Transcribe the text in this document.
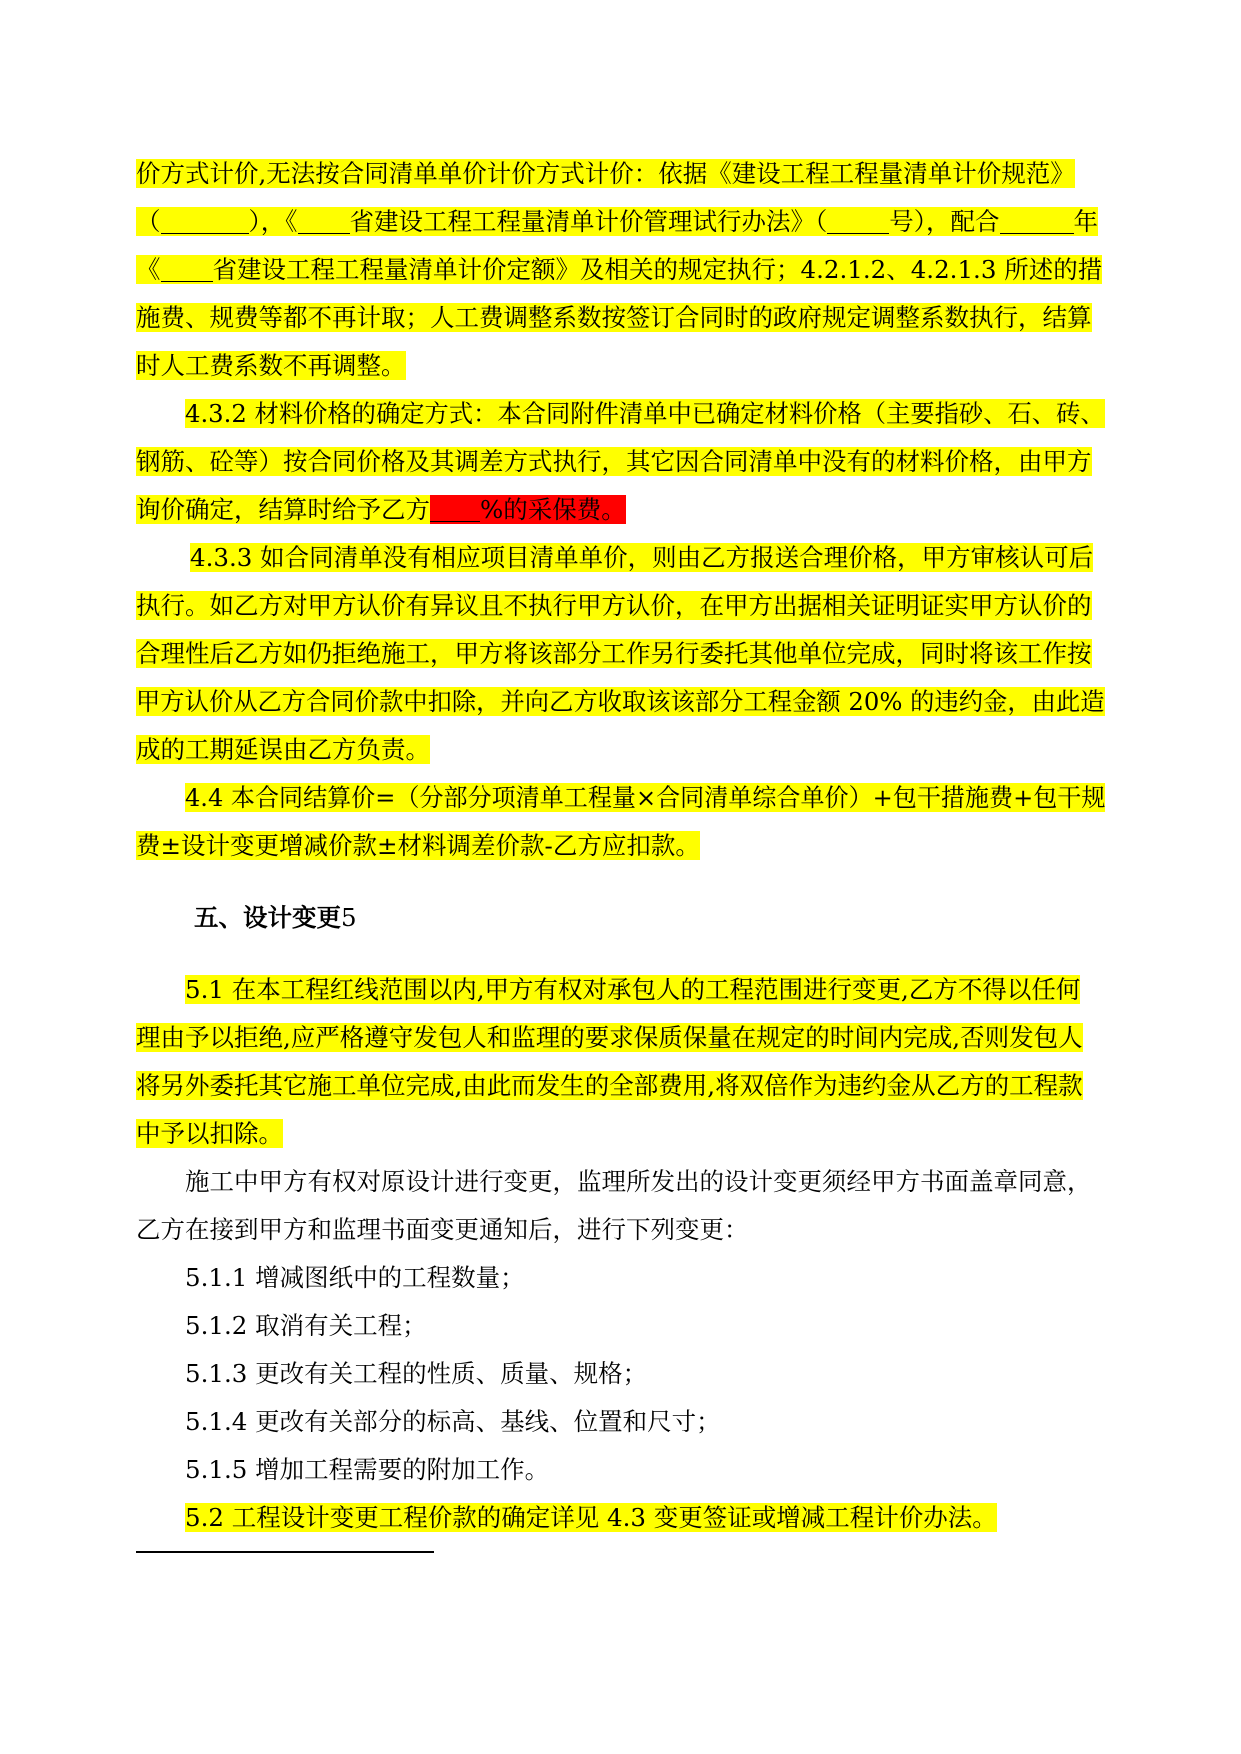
价方式计价,无法按合同清单单价计价方式计价：依据《建设工程工程量清单计价规范》
（	），《 省建设工程工程量清单计价管理试行办法》（	号），配合	年
《 省建设工程工程量清单计价定额》及相关的规定执行；4.2.1.2、4.2.1.3 所述的措
施费、规费等都不再计取；人工费调整系数按签订合同时的政府规定调整系数执行，结算
时人工费系数不再调整。
4.3.2 材料价格的确定方式：本合同附件清单中已确定材料价格（主要指砂、石、砖、
钢筋、砼等）按合同价格及其调差方式执行，其它因合同清单中没有的材料价格，由甲方
询价确定，结算时给予乙方 %的采保费。
4.3.3 如合同清单没有相应项目清单单价，则由乙方报送合理价格，甲方审核认可后
执行。如乙方对甲方认价有异议且不执行甲方认价，在甲方出据相关证明证实甲方认价的
合理性后乙方如仍拒绝施工，甲方将该部分工作另行委托其他单位完成，同时将该工作按
甲方认价从乙方合同价款中扣除，并向乙方收取该该部分工程金额 20% 的违约金，由此造
成的工期延误由乙方负责。
4.4 本合同结算价=（分部分项清单工程量×合同清单综合单价）+包干措施费+包干规
费±设计变更增减价款±材料调差价款-乙方应扣款。
五、设计变更5
5.1 在本工程红线范围以内,甲方有权对承包人的工程范围进行变更,乙方不得以任何
理由予以拒绝,应严格遵守发包人和监理的要求保质保量在规定的时间内完成,否则发包人
将另外委托其它施工单位完成,由此而发生的全部费用,将双倍作为违约金从乙方的工程款
中予以扣除。
施工中甲方有权对原设计进行变更，监理所发出的设计变更须经甲方书面盖章同意，
乙方在接到甲方和监理书面变更通知后，进行下列变更：
5.1.1 增减图纸中的工程数量；
5.1.2 取消有关工程；
5.1.3 更改有关工程的性质、质量、规格；
5.1.4 更改有关部分的标高、基线、位置和尺寸；
5.1.5 增加工程需要的附加工作。
5.2 工程设计变更工程价款的确定详见 4.3 变更签证或增减工程计价办法。
